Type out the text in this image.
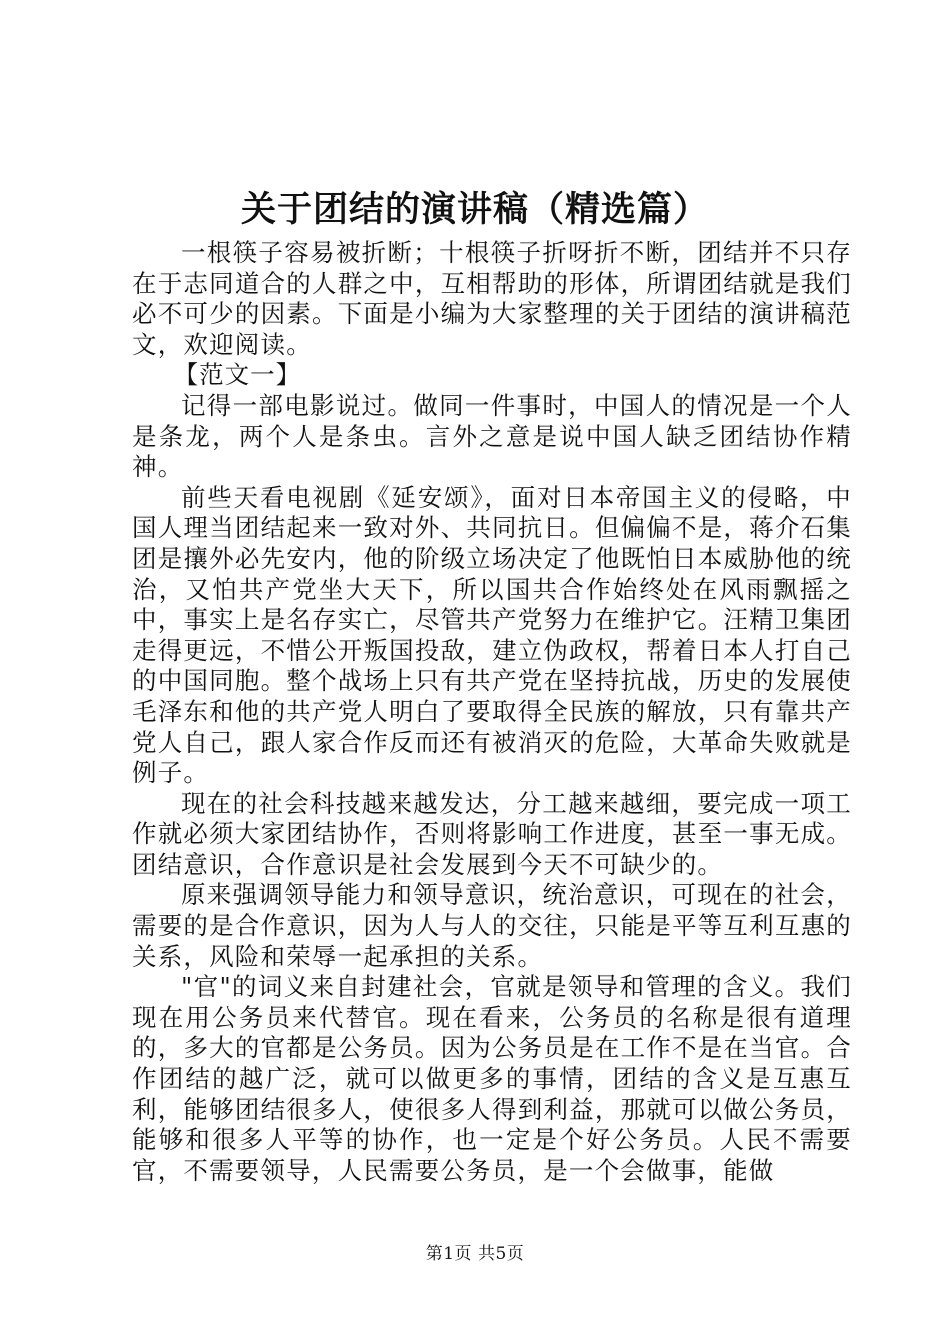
关于团结的演讲稿（精选篇）

一根筷子容易被折断；十根筷子折呀折不断，团结并不只存在于志同道合的人群之中，互相帮助的形体，所谓团结就是我们必不可少的因素。下面是小编为大家整理的关于团结的演讲稿范文，欢迎阅读。

【范文一】

记得一部电影说过。做同一件事时，中国人的情况是一个人是条龙，两个人是条虫。言外之意是说中国人缺乏团结协作精神。

前些天看电视剧《延安颂》，面对日本帝国主义的侵略，中国人理当团结起来一致对外、共同抗日。但偏偏不是，蒋介石集团是攘外必先安内，他的阶级立场决定了他既怕日本威胁他的统治，又怕共产党坐大天下，所以国共合作始终处在风雨飘摇之中，事实上是名存实亡，尽管共产党努力在维护它。汪精卫集团走得更远，不惜公开叛国投敌，建立伪政权，帮着日本人打自己的中国同胞。整个战场上只有共产党在坚持抗战，历史的发展使毛泽东和他的共产党人明白了要取得全民族的解放，只有靠共产党人自己，跟人家合作反而还有被消灭的危险，大革命失败就是例子。

现在的社会科技越来越发达，分工越来越细，要完成一项工作就必须大家团结协作，否则将影响工作进度，甚至一事无成。团结意识，合作意识是社会发展到今天不可缺少的。

原来强调领导能力和领导意识，统治意识，可现在的社会，需要的是合作意识，因为人与人的交往，只能是平等互利互惠的关系，风险和荣辱一起承担的关系。

"官"的词义来自封建社会，官就是领导和管理的含义。我们现在用公务员来代替官。现在看来，公务员的名称是很有道理的，多大的官都是公务员。因为公务员是在工作不是在当官。合作团结的越广泛，就可以做更多的事情，团结的含义是互惠互利，能够团结很多人，使很多人得到利益，那就可以做公务员，能够和很多人平等的协作，也一定是个好公务员。人民不需要官，不需要领导，人民需要公务员，是一个会做事，能做

第1页 共5页
